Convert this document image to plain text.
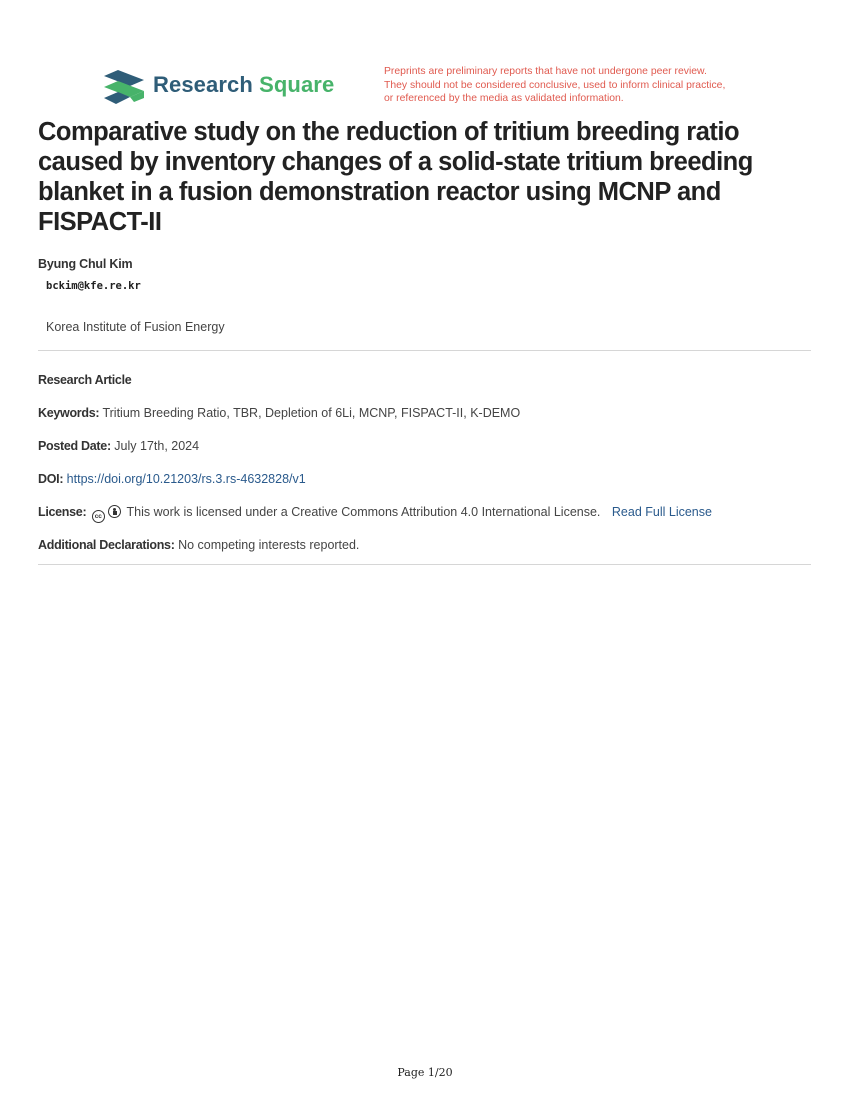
Research Square
Preprints are preliminary reports that have not undergone peer review.
They should not be considered conclusive, used to inform clinical practice,
or referenced by the media as validated information.
Comparative study on the reduction of tritium breeding ratio
caused by inventory changes of a solid-state tritium breeding
blanket in a fusion demonstration reactor using MCNP and
FISPACT-II
Byung Chul Kim
bckim@kfe.re.kr
Korea Institute of Fusion Energy
Research Article
Keywords: Tritium Breeding Ratio, TBR, Depletion of 6Li, MCNP, FISPACT-II, K-DEMO
Posted Date: July 17th, 2024
DOI: https://doi.org/10.21203/rs.3.rs-4632828/v1
License: cc This work is licensed under a Creative Commons Attribution 4.0 International License. Read Full License
Additional Declarations: No competing interests reported.
Page 1/20
